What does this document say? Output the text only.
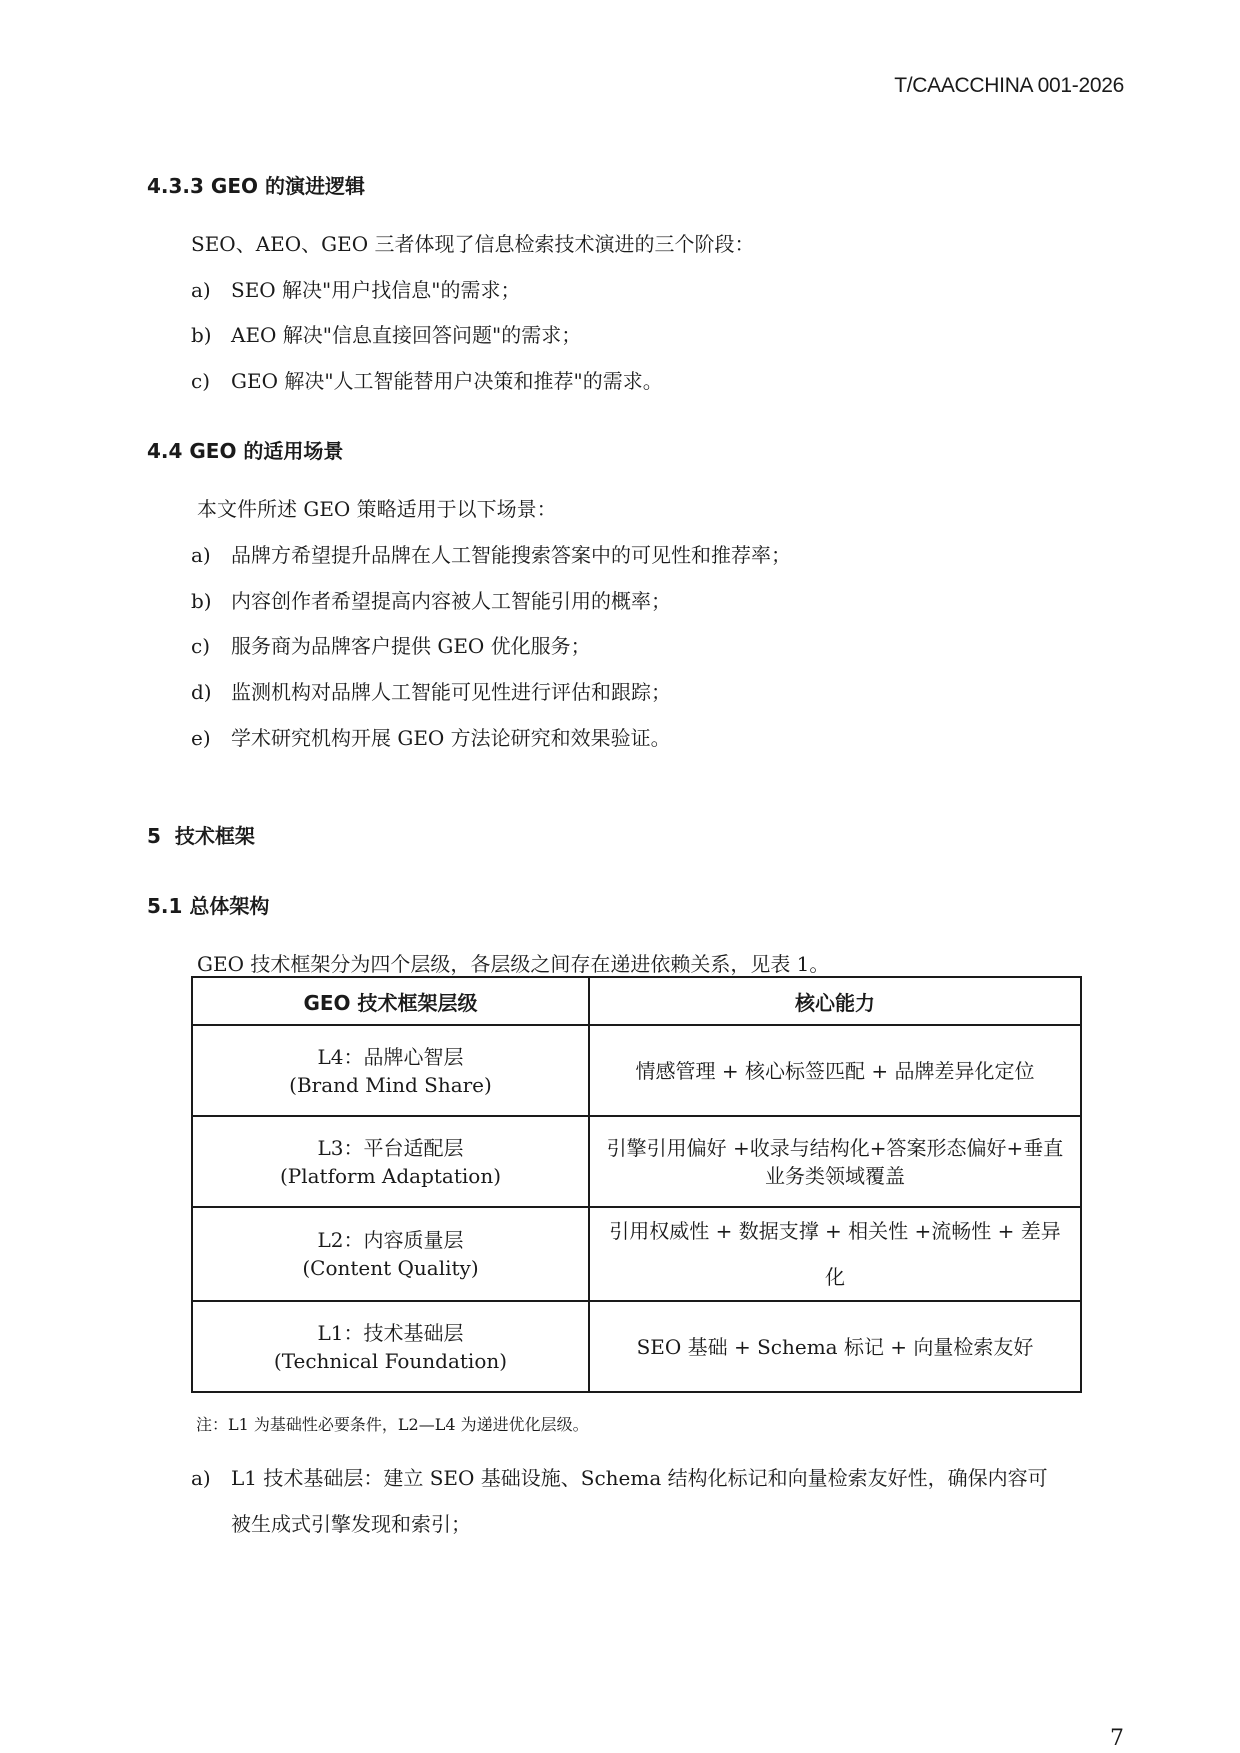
T/CAACCHINA 001-2026
4.3.3 GEO 的演进逻辑
SEO、AEO、GEO 三者体现了信息检索技术演进的三个阶段：
a) SEO 解决"用户找信息"的需求；
b) AEO 解决"信息直接回答问题"的需求；
c) GEO 解决"人工智能替用户决策和推荐"的需求。
4.4 GEO 的适用场景
本文件所述 GEO 策略适用于以下场景：
a) 品牌方希望提升品牌在人工智能搜索答案中的可见性和推荐率；
b) 内容创作者希望提高内容被人工智能引用的概率；
c) 服务商为品牌客户提供 GEO 优化服务；
d) 监测机构对品牌人工智能可见性进行评估和跟踪；
e) 学术研究机构开展 GEO 方法论研究和效果验证。
5  技术框架
5.1 总体架构
GEO 技术框架分为四个层级，各层级之间存在递进依赖关系，见表 1。
GEO 技术框架层级	核心能力

L4：品牌心智层
(Brand Mind Share)	情感管理 + 核心标签匹配 + 品牌差异化定位

L3：平台适配层
(Platform Adaptation)	引擎引用偏好 +收录与结构化+答案形态偏好+垂直业务类领域覆盖

L2：内容质量层
(Content Quality)	引用权威性 + 数据支撑 + 相关性 +流畅性 + 差异化

L1：技术基础层
(Technical Foundation)	SEO 基础 + Schema 标记 + 向量检索友好
注：L1 为基础性必要条件，L2—L4 为递进优化层级。
a) L1 技术基础层：建立 SEO 基础设施、Schema 结构化标记和向量检索友好性，确保内容可
被生成式引擎发现和索引；
7
